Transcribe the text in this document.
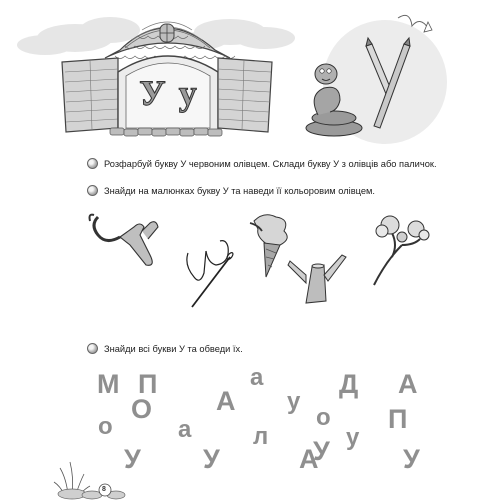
У у
Розфарбуй букву У червоним олівцем. Склади букву У з олівців або паличок.
Знайди на малюнках букву У та наведи її кольоровим олівцем.
Знайди всі букви У та обведи їх.
М П	а	Д А
О А у
о	П
о
а	л У у
У У	А	У
8
